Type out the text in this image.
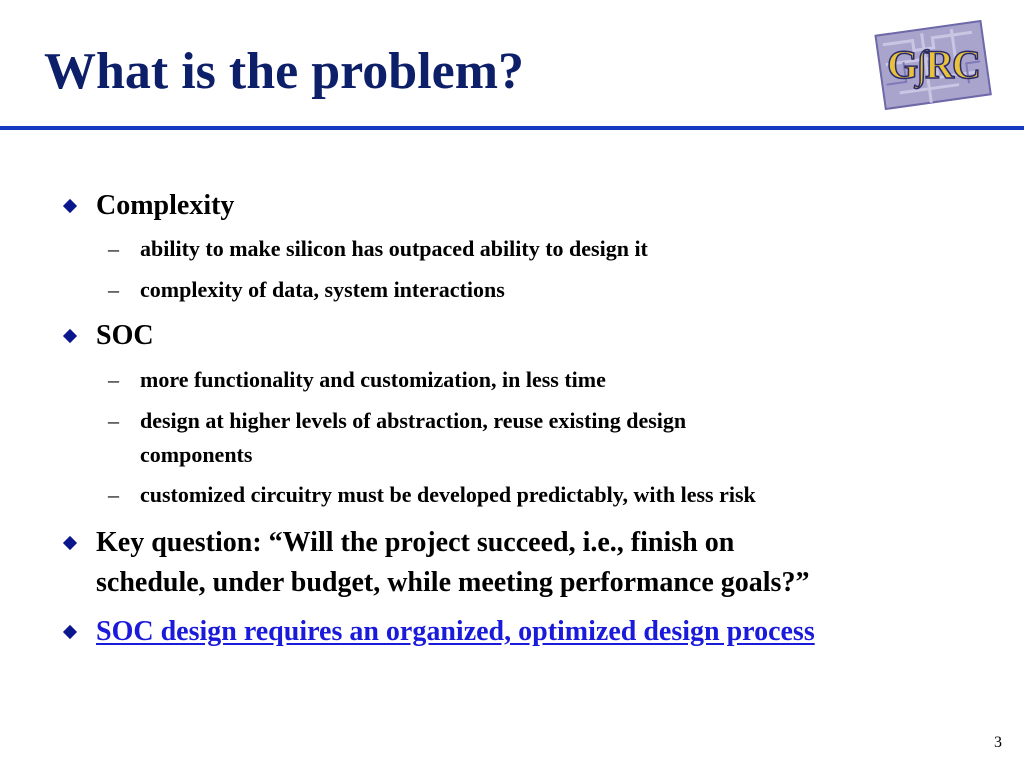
What is the problem?	G∫RC
Complexity
– ability to make silicon has outpaced ability to design it
– complexity of data, system interactions
SOC
– more functionality and customization, in less time
– design at higher levels of abstraction, reuse existing design
components
– customized circuitry must be developed predictably, with less risk
Key question: “Will the project succeed, i.e., finish on
schedule, under budget, while meeting performance goals?”
SOC design requires an organized, optimized design process
3
